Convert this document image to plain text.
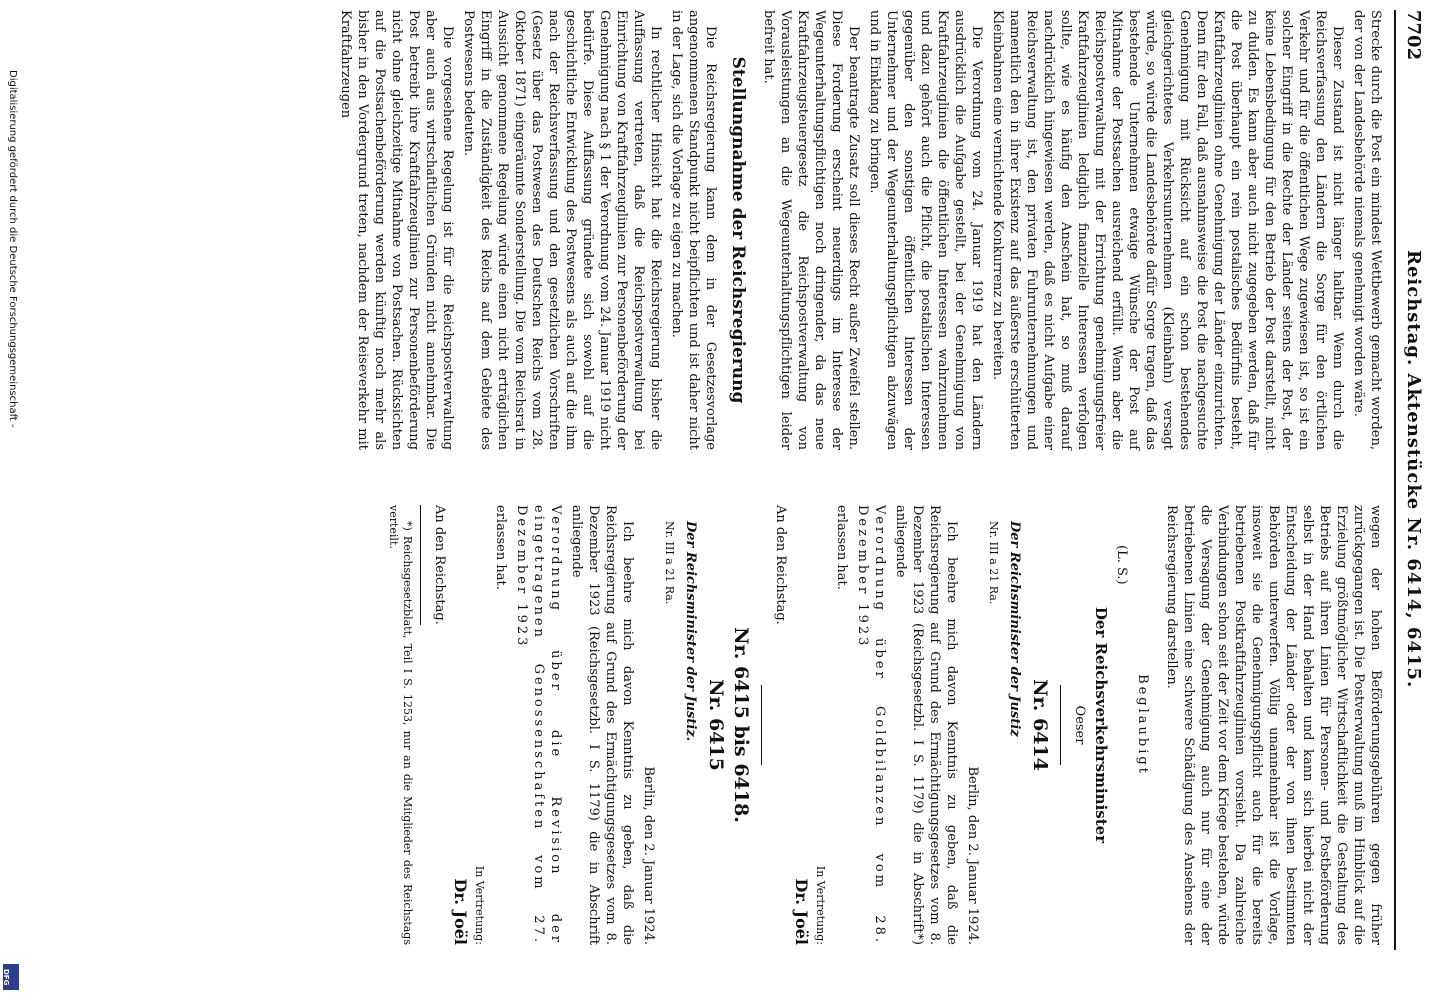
Digitalisierung gefördert durch die Deutsche Forschungsgemeinschaft -
DFG
7702
Reichstag. Aktenstücke Nr. 6414, 6415.

Strecke durch die Post ein mindest Wettbewerb gemacht worden, der von der Landesbehörde niemals genehmigt worden wäre.

Dieser Zustand ist nicht länger haltbar. Wenn durch die Reichsverfassung den Ländern die Sorge für den örtlichen Verkehr und für die öffentlichen Wege zugewiesen ist, so ist ein solcher Eingriff in die Rechte der Länder seitens der Post, der keine Lebensbedingung für den Betrieb der Post darstellt, nicht zu dulden. Es kann aber auch nicht zugegeben werden, daß für die Post überhaupt ein rein postalisches Bedürfnis besteht, Kraftfahrzeuglinien ohne Genehmigung der Länder einzurichten. Denn für den Fall, daß ausnahmsweise die Post die nachgesuchte Genehmigung mit Rücksicht auf ein schon bestehendes gleichgerichtetes Verkehrsunternehmen (Kleinbahn) versagt würde, so würde die Landesbehörde dafür Sorge tragen, daß das bestehende Unternehmen etwaige Wünsche der Post auf Mitnahme der Postsachen ausreichend erfüllt. Wenn aber die Reichspostverwaltung mit der Errichtung genehmigungsfreier Kraftfahrzeuglinien lediglich finanzielle Interessen verfolgen sollte, wie es häufig den Anschein hat, so muß darauf nachdrücklich hingewiesen werden, daß es nicht Aufgabe einer Reichsverwaltung ist, den privaten Fuhrunternehmungen und namentlich den in ihrer Existenz auf das äußerste erschütterten Kleinbahnen eine vernichtende Konkurrenz zu bereiten.

Die Verordnung vom 24. Januar 1919 hat den Ländern ausdrücklich die Aufgabe gestellt, bei der Genehmigung von Kraftfahrzeuglinien die öffentlichen Interessen wahrzunehmen und dazu gehört auch die Pflicht, die postalischen Interessen gegenüber den sonstigen öffentlichen Interessen der Unternehmer und der Wegeunterhaltungspflichtigen abzuwägen und in Einklang zu bringen.

Der beantragte Zusatz soll dieses Recht außer Zweifel stellen. Diese Forderung erscheint neuerdings im Interesse der Wegeunterhaltungspflichtigen noch dringender, da das neue Kraftfahrzeugsteuergesetz die Reichspostverwaltung von Vorausleistungen an die Wegeunterhaltungspflichtigen leider befreit hat.

Stellungnahme der Reichsregierung

Die Reichsregierung kann dem in der Gesetzesvorlage angenommenen Standpunkt nicht beipflichten und ist daher nicht in der Lage, sich die Vorlage zu eigen zu machen.

In rechtlicher Hinsicht hat die Reichsregierung bisher die Auffassung vertreten, daß die Reichspostverwaltung bei Einrichtung von Kraftfahrzeuglinien zur Personenbeförderung der Genehmigung nach § 1 der Verordnung vom 24. Januar 1919 nicht bedürfe. Diese Auffassung gründete sich sowohl auf die geschichtliche Entwicklung des Postwesens als auch auf die ihm nach der Reichsverfassung und den gesetzlichen Vorschriften (Gesetz über das Postwesen des Deutschen Reichs vom 28. Oktober 1871) eingeräumte Sonderstellung. Die vom Reichsrat in Aussicht genommene Regelung würde einen nicht erträglichen Eingriff in die Zuständigkeit des Reichs auf dem Gebiete des Postwesens bedeuten.

Die vorgesehene Regelung ist für die Reichspostverwaltung aber auch aus wirtschaftlichen Gründen nicht annehmbar. Die Post betreibt ihre Kraftfahrzeuglinien zur Personenbeförderung nicht ohne gleichzeitige Mitnahme von Postsachen. Rücksichten auf die Postsachenbeförderung werden künftig noch mehr als bisher in den Vordergrund treten, nachdem der Reiseverkehr mit Kraftfahrzeugen

wegen der hohen Beförderungsgebühren gegen früher zurückgegangen ist. Die Postverwaltung muß im Hinblick auf die Erzielung größtmöglicher Wirtschaftlichkeit die Gestaltung des Betriebs auf ihren Linien für Personen- und Postbeförderung selbst in der Hand behalten und kann sich hierbei nicht der Entscheidung der Länder oder der von ihnen bestimmten Behörden unterwerfen. Völlig unannehmbar ist die Vorlage, insoweit sie die Genehmigungspflicht auch für die bereits betriebenen Postkraftfahrzeuglinien vorsieht. Da zahlreiche Verbindungen schon seit der Zeit vor dem Kriege bestehen, würde die Versagung der Genehmigung auch nur für eine der betriebenen Linien eine schwere Schädigung des Ansehens der Reichsregierung darstellen.

Beglaubigt

(L. S.)

Der Reichsverkehrsminister

Oeser

Nr. 6414

Der Reichsminister der Justiz

Nr. III a 21 Ra.

Berlin, den 2. Januar 1924.

Ich beehre mich davon Kenntnis zu geben, daß die Reichsregierung auf Grund des Ermächtigungsgesetzes vom 8. Dezember 1923 (Reichsgesetzbl. I S. 1179) die in Abschrift*) anliegende

Verordnung über Goldbilanzen vom 28. Dezember 1923

erlassen hat.

In Vertretung:
Dr. Joël

An den Reichstag.

Nr. 6415 bis 6418.
Nr. 6415

Der Reichsminister der Justiz.

Nr. III a 21 Ra.

Berlin, den 2. Januar 1924.

Ich beehre mich davon Kenntnis zu geben, daß die Reichsregierung auf Grund des Ermächtigungsgesetzes vom 8. Dezember 1923 (Reichsgesetzbl. I S. 1179) die in Abschrift anliegende

Verordnung über die Revision der eingetragenen Genossenschaften vom 27. Dezember 1923

erlassen hat.

In Vertretung:
Dr. Joël

An den Reichstag.

*) Reichsgesetzblatt, Teil I S. 1253, nur an die Mitglieder des Reichstags verteilt.
